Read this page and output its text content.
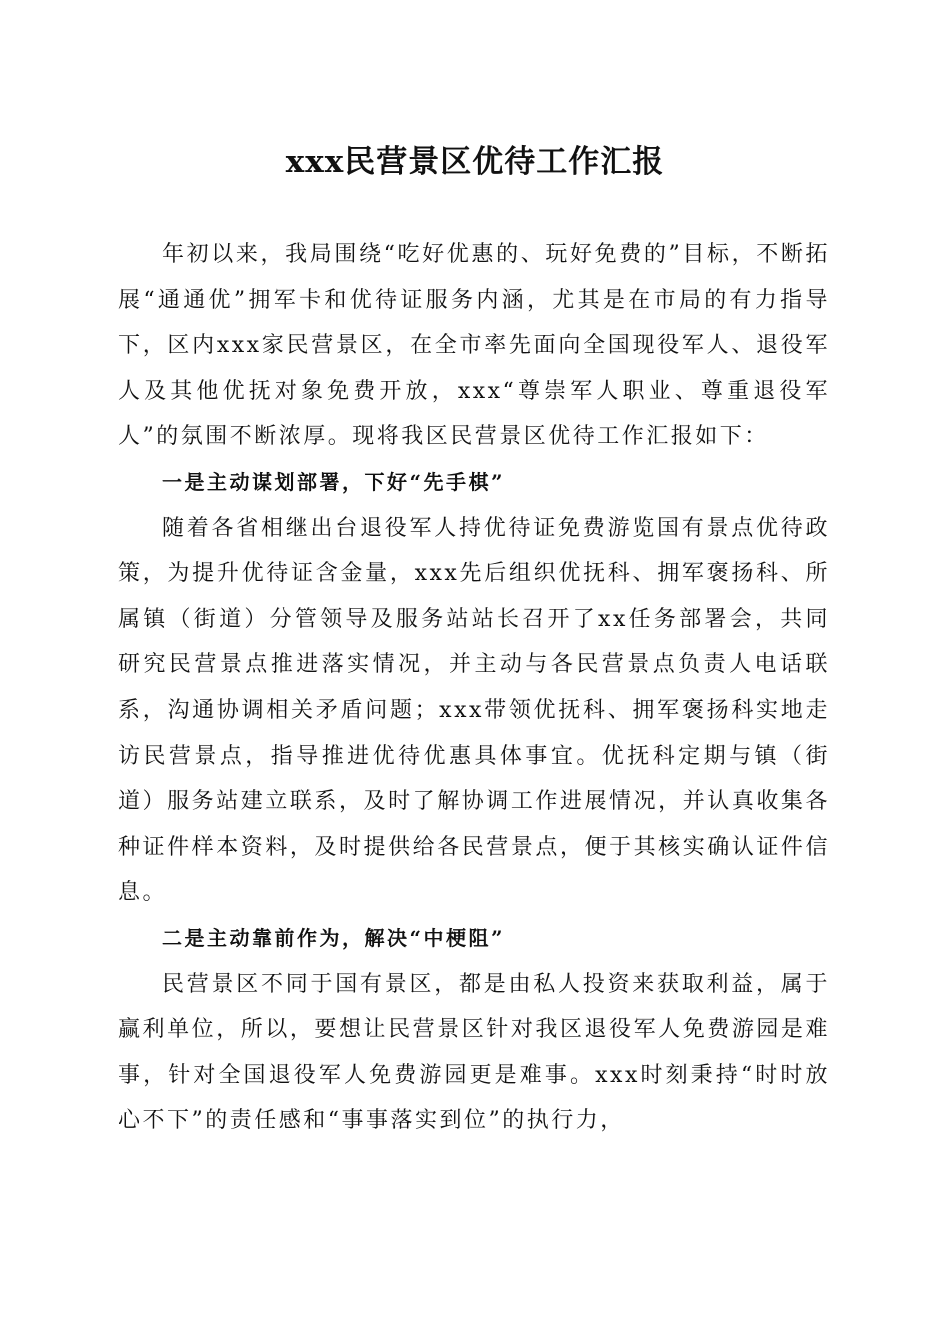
xxx民营景区优待工作汇报

年初以来，我局围绕“吃好优惠的、玩好免费的”目标，不断拓展“通通优”拥军卡和优待证服务内涵，尤其是在市局的有力指导下，区内xxx家民营景区，在全市率先面向全国现役军人、退役军人及其他优抚对象免费开放，xxx“尊崇军人职业、尊重退役军人”的氛围不断浓厚。现将我区民营景区优待工作汇报如下：

一是主动谋划部署，下好“先手棋”

随着各省相继出台退役军人持优待证免费游览国有景点优待政策，为提升优待证含金量，xxx先后组织优抚科、拥军褒扬科、所属镇（街道）分管领导及服务站站长召开了xx任务部署会，共同研究民营景点推进落实情况，并主动与各民营景点负责人电话联系，沟通协调相关矛盾问题；xxx带领优抚科、拥军褒扬科实地走访民营景点，指导推进优待优惠具体事宜。优抚科定期与镇（街道）服务站建立联系，及时了解协调工作进展情况，并认真收集各种证件样本资料，及时提供给各民营景点，便于其核实确认证件信息。

二是主动靠前作为，解决“中梗阻”

民营景区不同于国有景区，都是由私人投资来获取利益，属于赢利单位，所以，要想让民营景区针对我区退役军人免费游园是难事，针对全国退役军人免费游园更是难事。xxx时刻秉持“时时放心不下”的责任感和“事事落实到位”的执行力，
